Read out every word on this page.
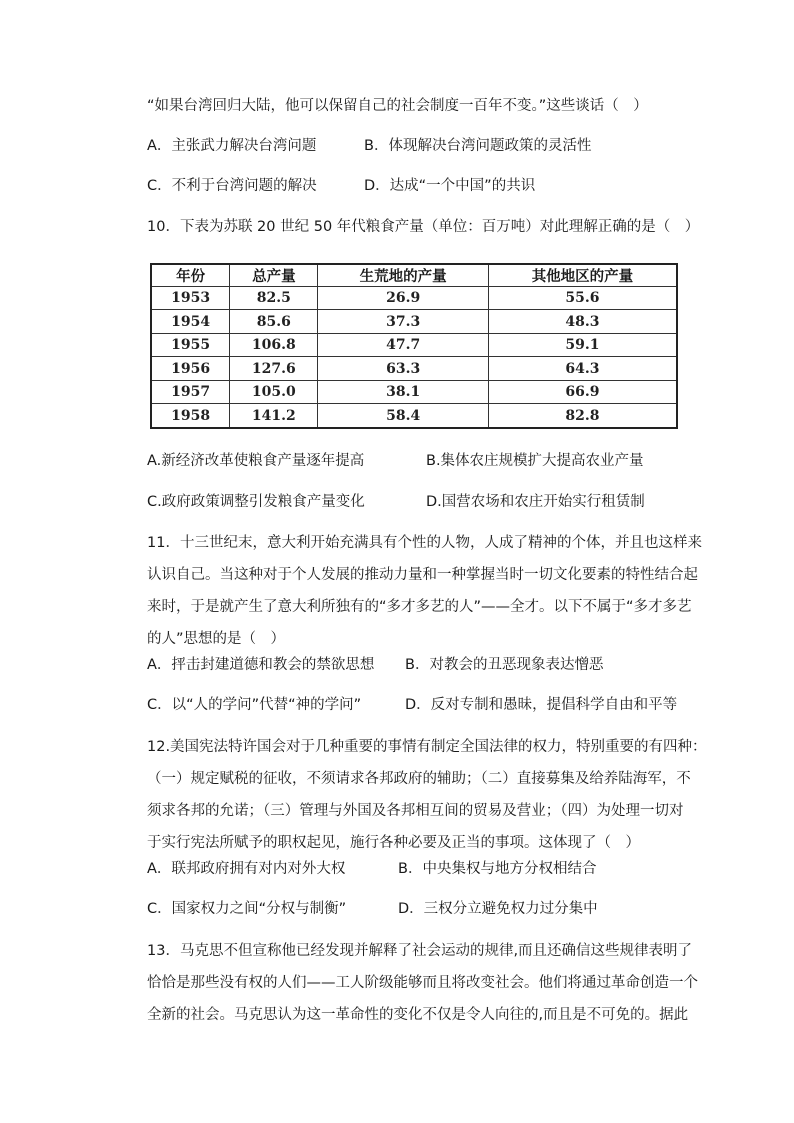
“如果台湾回归大陆，他可以保留自己的社会制度一百年不变。”这些谈话（　）
A．主张武力解决台湾问题	B．体现解决台湾问题政策的灵活性
C．不利于台湾问题的解决	D．达成“一个中国”的共识
10．下表为苏联 20 世纪 50 年代粮食产量（单位：百万吨）对此理解正确的是（　）
年份	总产量	生荒地的产量	其他地区的产量
1953	82.5	26.9	55.6
1954	85.6	37.3	48.3
1955	106.8	47.7	59.1
1956	127.6	63.3	64.3
1957	105.0	38.1	66.9
1958	141.2	58.4	82.8
A.新经济改革使粮食产量逐年提高	B.集体农庄规模扩大提高农业产量
C.政府政策调整引发粮食产量变化	D.国营农场和农庄开始实行租赁制
11．十三世纪末，意大利开始充满具有个性的人物，人成了精神的个体，并且也这样来
认识自己。当这种对于个人发展的推动力量和一种掌握当时一切文化要素的特性结合起
来时，于是就产生了意大利所独有的“多才多艺的人”——全才。以下不属于“多才多艺
的人”思想的是（　）
A．抨击封建道德和教会的禁欲思想 B．对教会的丑恶现象表达憎恶
C．以“人的学问”代替“神的学问”	D．反对专制和愚昧，提倡科学自由和平等
12.美国宪法特许国会对于几种重要的事情有制定全国法律的权力，特别重要的有四种：
（一）规定赋税的征收，不须请求各邦政府的辅助；（二）直接募集及给养陆海军，不
须求各邦的允诺；（三）管理与外国及各邦相互间的贸易及营业；（四）为处理一切对
于实行宪法所赋予的职权起见，施行各种必要及正当的事项。这体现了（　）
A．联邦政府拥有对内对外大权	B．中央集权与地方分权相结合
C．国家权力之间“分权与制衡”	D．三权分立避免权力过分集中
13．马克思不但宣称他已经发现并解释了社会运动的规律,而且还确信这些规律表明了
恰恰是那些没有权的人们——工人阶级能够而且将改变社会。他们将通过革命创造一个
全新的社会。马克思认为这一革命性的变化不仅是令人向往的,而且是不可免的。据此
